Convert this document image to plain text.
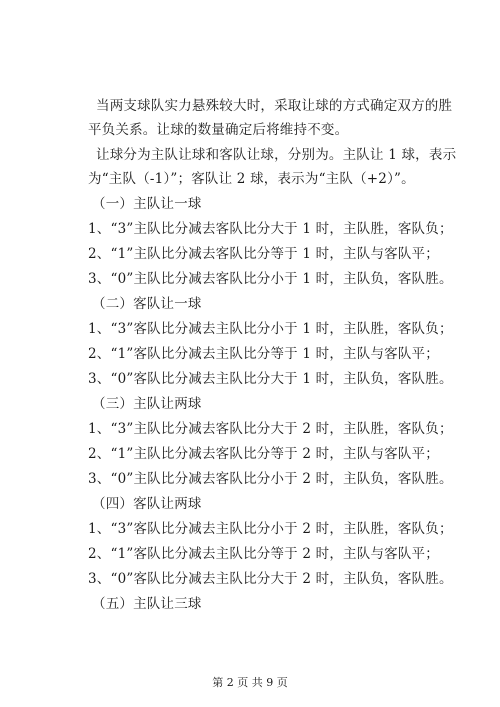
当两支球队实力悬殊较大时，采取让球的方式确定双方的胜
平负关系。让球的数量确定后将维持不变。
让球分为主队让球和客队让球，分别为。主队让 1 球，表示
为“主队（-1）”；客队让 2 球，表示为“主队（+2）”。
（一）主队让一球
1、“3”主队比分减去客队比分大于 1 时，主队胜，客队负；
2、“1”主队比分减去客队比分等于 1 时，主队与客队平；
3、“0”主队比分减去客队比分小于 1 时，主队负，客队胜。
（二）客队让一球
1、“3”客队比分减去主队比分小于 1 时，主队胜，客队负；
2、“1”客队比分减去主队比分等于 1 时，主队与客队平；
3、“0”客队比分减去主队比分大于 1 时，主队负，客队胜。
（三）主队让两球
1、“3”主队比分减去客队比分大于 2 时，主队胜，客队负；
2、“1”主队比分减去客队比分等于 2 时，主队与客队平；
3、“0”主队比分减去客队比分小于 2 时，主队负，客队胜。
（四）客队让两球
1、“3”客队比分减去主队比分小于 2 时，主队胜，客队负；
2、“1”客队比分减去主队比分等于 2 时，主队与客队平；
3、“0”客队比分减去主队比分大于 2 时，主队负，客队胜。
（五）主队让三球
第 2 页 共 9 页
